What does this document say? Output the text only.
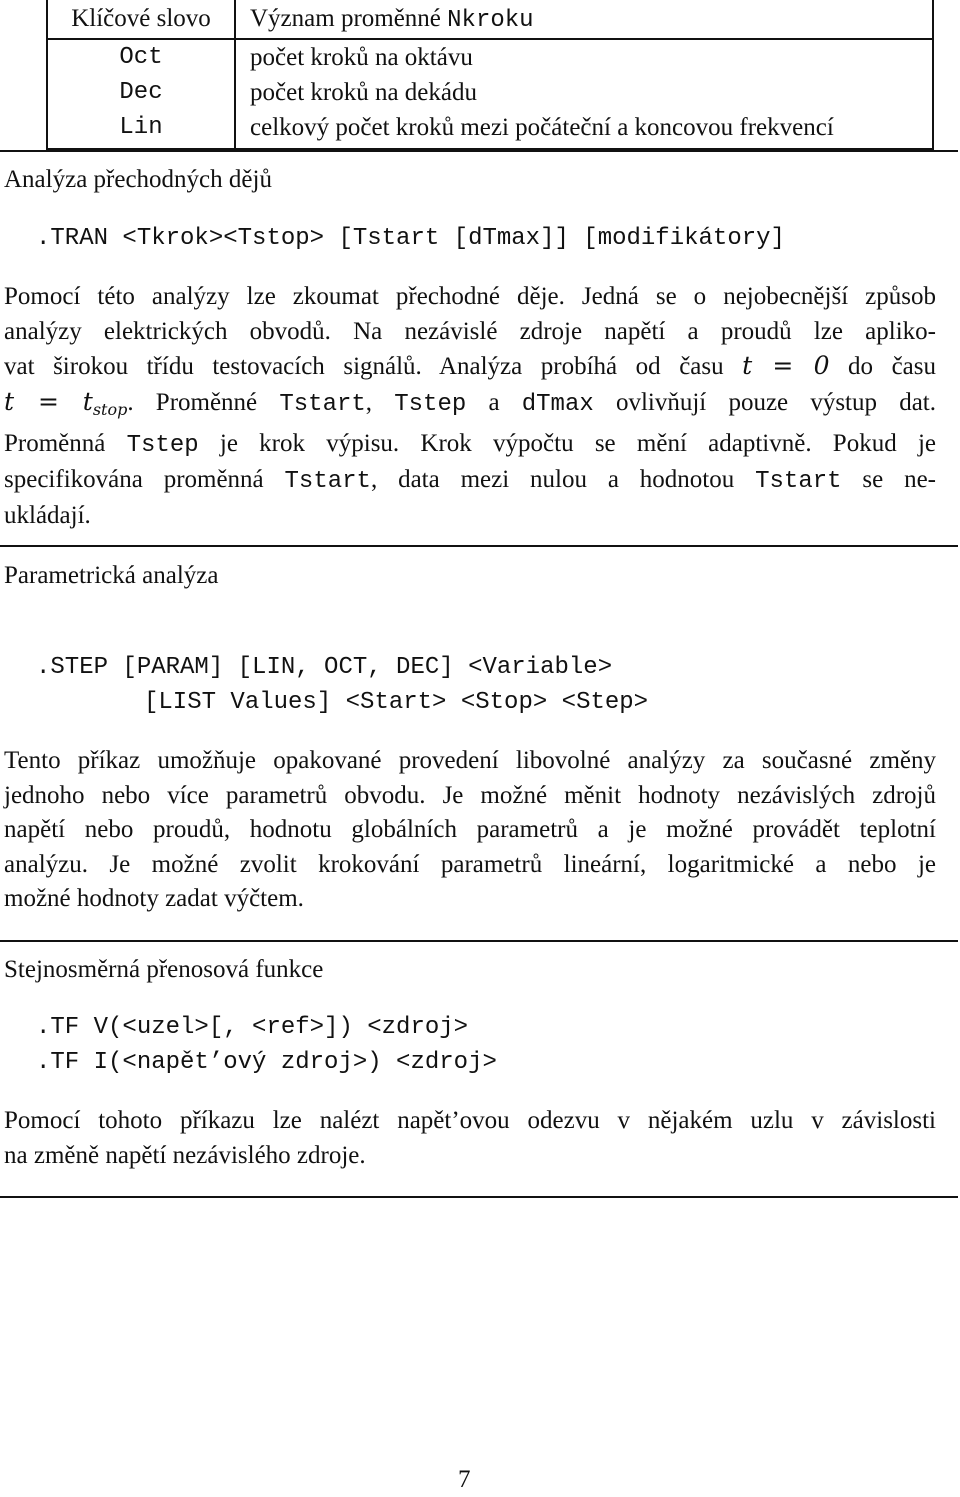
Klíčové slovo	Význam proměnné Nkroku
Oct	počet kroků na oktávu
Dec	počet kroků na dekádu
Lin	celkový počet kroků mezi počáteční a koncovou frekvencí
Analýza přechodných dějů
.TRAN <Tkrok><Tstop> [Tstart [dTmax]] [modifikátory]
Pomocí této analýzy lze zkoumat přechodné děje. Jedná se o nejobecnější způsob
analýzy elektrických obvodů. Na nezávislé zdroje napětí a proudů lze apliko-
vat širokou třídu testovacích signálů. Analýza probíhá od času t = 0 do času
$t = t_{stop}$. Proměnné Tstart, Tstep a dTmax ovlivňují pouze výstup dat.
Proměnná Tstep je krok výpisu. Krok výpočtu se mění adaptivně. Pokud je
specifikována proměnná Tstart, data mezi nulou a hodnotou Tstart se ne-
ukládají.
Parametrická analýza
.STEP [PARAM] [LIN, OCT, DEC] <Variable>
[LIST Values] <Start> <Stop> <Step>
Tento příkaz umožňuje opakované provedení libovolné analýzy za současné změny
jednoho nebo více parametrů obvodu. Je možné měnit hodnoty nezávislých zdrojů
napětí nebo proudů, hodnotu globálních parametrů a je možné provádět teplotní
analýzu. Je možné zvolit krokování parametrů lineární, logaritmické a nebo je
možné hodnoty zadat výčtem.
Stejnosměrná přenosová funkce
.TF V(<uzel>[, <ref>]) <zdroj>
.TF I(<napět’ový zdroj>) <zdroj>
Pomocí tohoto příkazu lze nalézt napět’ovou odezvu v nějakém uzlu v závislosti
na změně napětí nezávislého zdroje.
7
